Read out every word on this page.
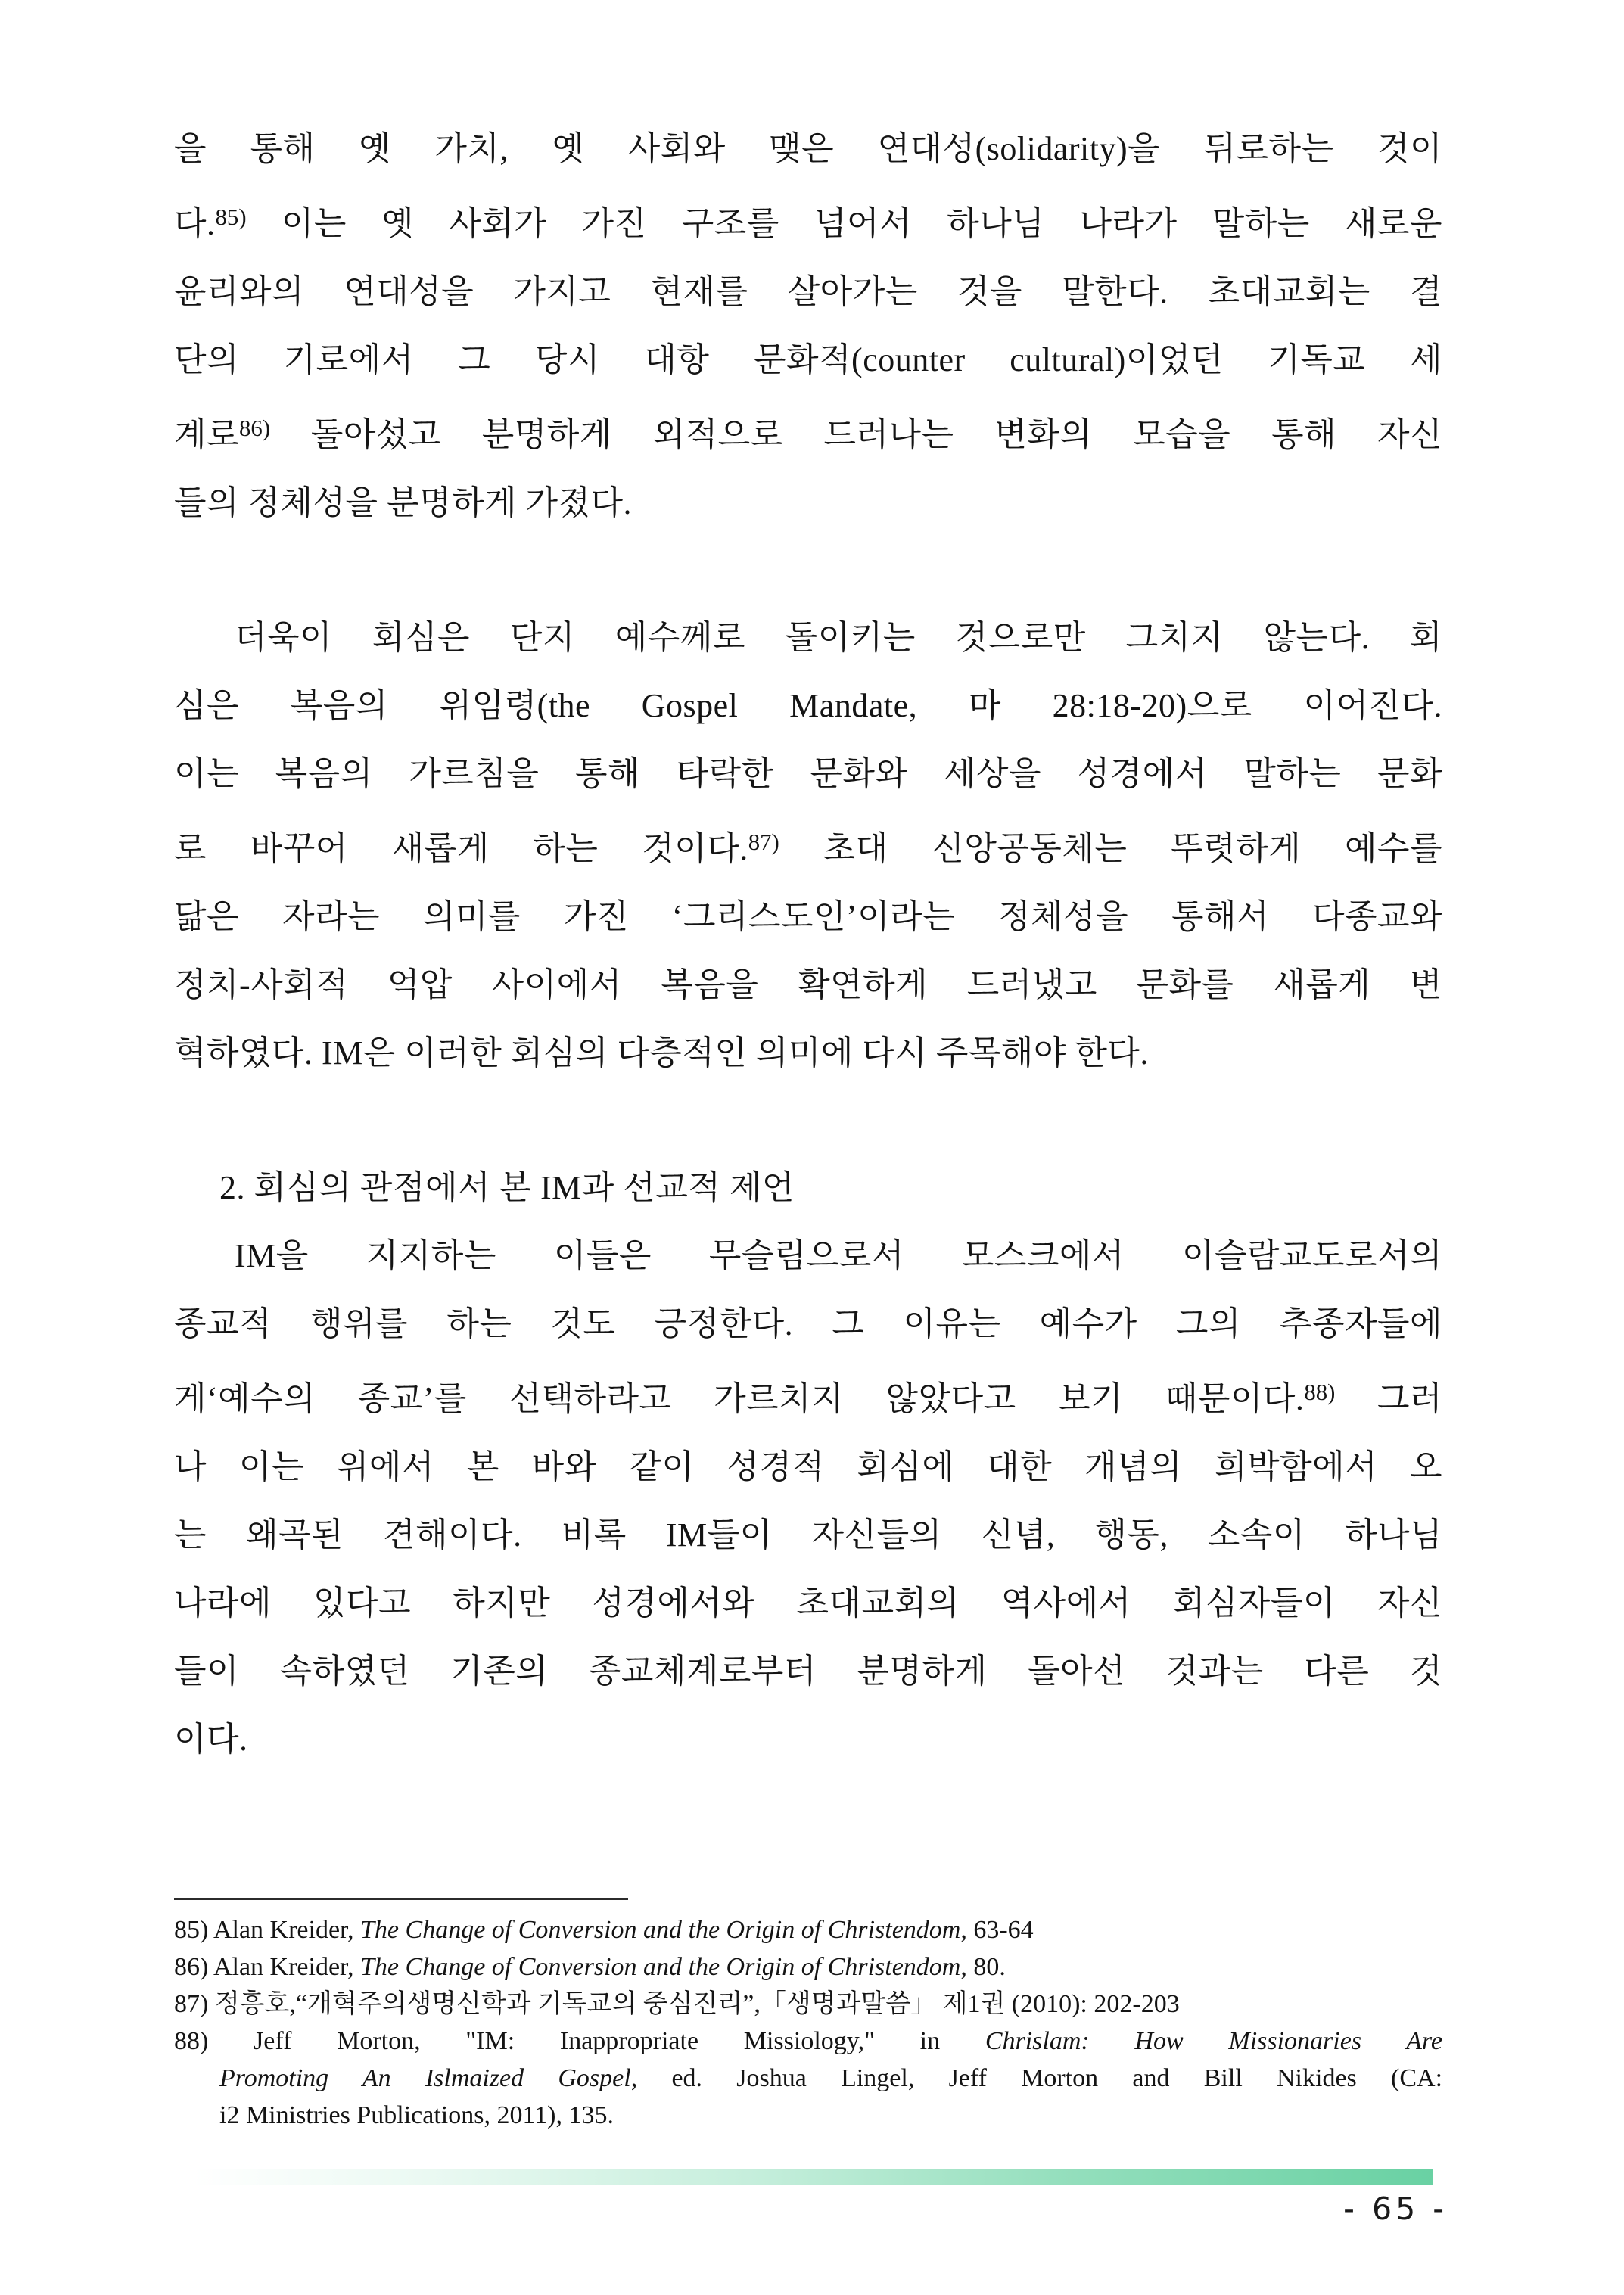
을 통해 옛 가치, 옛 사회와 맺은 연대성(solidarity)을 뒤로하는 것이
다.$^{85)}$ 이는 옛 사회가 가진 구조를 넘어서 하나님 나라가 말하는 새로운
윤리와의 연대성을 가지고 현재를 살아가는 것을 말한다. 초대교회는 결
단의 기로에서 그 당시 대항 문화적(counter cultural)이었던 기독교 세
계로$^{86)}$ 돌아섰고 분명하게 외적으로 드러나는 변화의 모습을 통해 자신
들의 정체성을 분명하게 가졌다.
더욱이 회심은 단지 예수께로 돌이키는 것으로만 그치지 않는다. 회
심은 복음의 위임령(the Gospel Mandate, 마 28:18-20)으로 이어진다.
이는 복음의 가르침을 통해 타락한 문화와 세상을 성경에서 말하는 문화
로 바꾸어 새롭게 하는 것이다.$^{87)}$ 초대 신앙공동체는 뚜렷하게 예수를
닮은 자라는 의미를 가진 ‘그리스도인’이라는 정체성을 통해서 다종교와
정치-사회적 억압 사이에서 복음을 확연하게 드러냈고 문화를 새롭게 변
혁하였다. IM은 이러한 회심의 다층적인 의미에 다시 주목해야 한다.
2. 회심의 관점에서 본 IM과 선교적 제언
IM을 지지하는 이들은 무슬림으로서 모스크에서 이슬람교도로서의
종교적 행위를 하는 것도 긍정한다. 그 이유는 예수가 그의 추종자들에
게‘예수의 종교’를 선택하라고 가르치지 않았다고 보기 때문이다.$^{88)}$ 그러
나 이는 위에서 본 바와 같이 성경적 회심에 대한 개념의 희박함에서 오
는 왜곡된 견해이다. 비록 IM들이 자신들의 신념, 행동, 소속이 하나님
나라에 있다고 하지만 성경에서와 초대교회의 역사에서 회심자들이 자신
들이 속하였던 기존의 종교체계로부터 분명하게 돌아선 것과는 다른 것
이다.
85) Alan Kreider, The Change of Conversion and the Origin of Christendom, 63-64
86) Alan Kreider, The Change of Conversion and the Origin of Christendom, 80.
87) 정흥호,“개혁주의생명신학과 기독교의 중심진리”,「생명과말씀」 제1권 (2010): 202-203
88) Jeff Morton, "IM: Inappropriate Missiology," in Chrislam: How Missionaries Are
Promoting An Islmaized Gospel, ed. Joshua Lingel, Jeff Morton and Bill Nikides (CA:
i2 Ministries Publications, 2011), 135.
- 65 -
